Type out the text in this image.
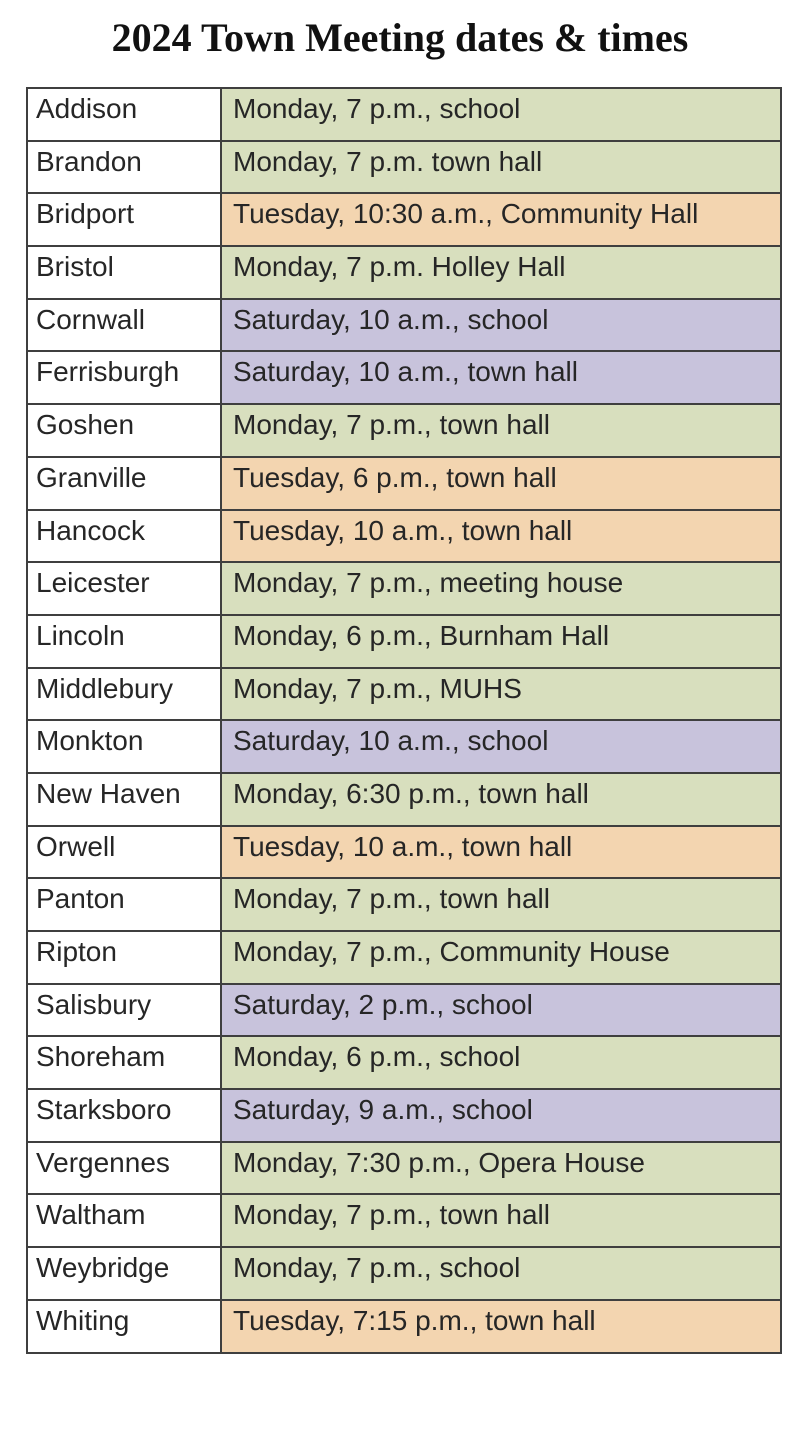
2024 Town Meeting dates & times
Addison	Monday, 7 p.m., school
Brandon	Monday, 7 p.m. town hall
Bridport	Tuesday, 10:30 a.m., Community Hall
Bristol	Monday, 7 p.m. Holley Hall
Cornwall	Saturday, 10 a.m., school
Ferrisburgh	Saturday, 10 a.m., town hall
Goshen	Monday, 7 p.m., town hall
Granville	Tuesday, 6 p.m., town hall
Hancock	Tuesday, 10 a.m., town hall
Leicester	Monday, 7 p.m., meeting house
Lincoln	Monday, 6 p.m., Burnham Hall
Middlebury	Monday, 7 p.m., MUHS
Monkton	Saturday, 10 a.m., school
New Haven	Monday, 6:30 p.m., town hall
Orwell	Tuesday, 10 a.m., town hall
Panton	Monday, 7 p.m., town hall
Ripton	Monday, 7 p.m., Community House
Salisbury	Saturday, 2 p.m., school
Shoreham	Monday, 6 p.m., school
Starksboro	Saturday, 9 a.m., school
Vergennes	Monday, 7:30 p.m., Opera House
Waltham	Monday, 7 p.m., town hall
Weybridge	Monday, 7 p.m., school
Whiting	Tuesday, 7:15 p.m., town hall
